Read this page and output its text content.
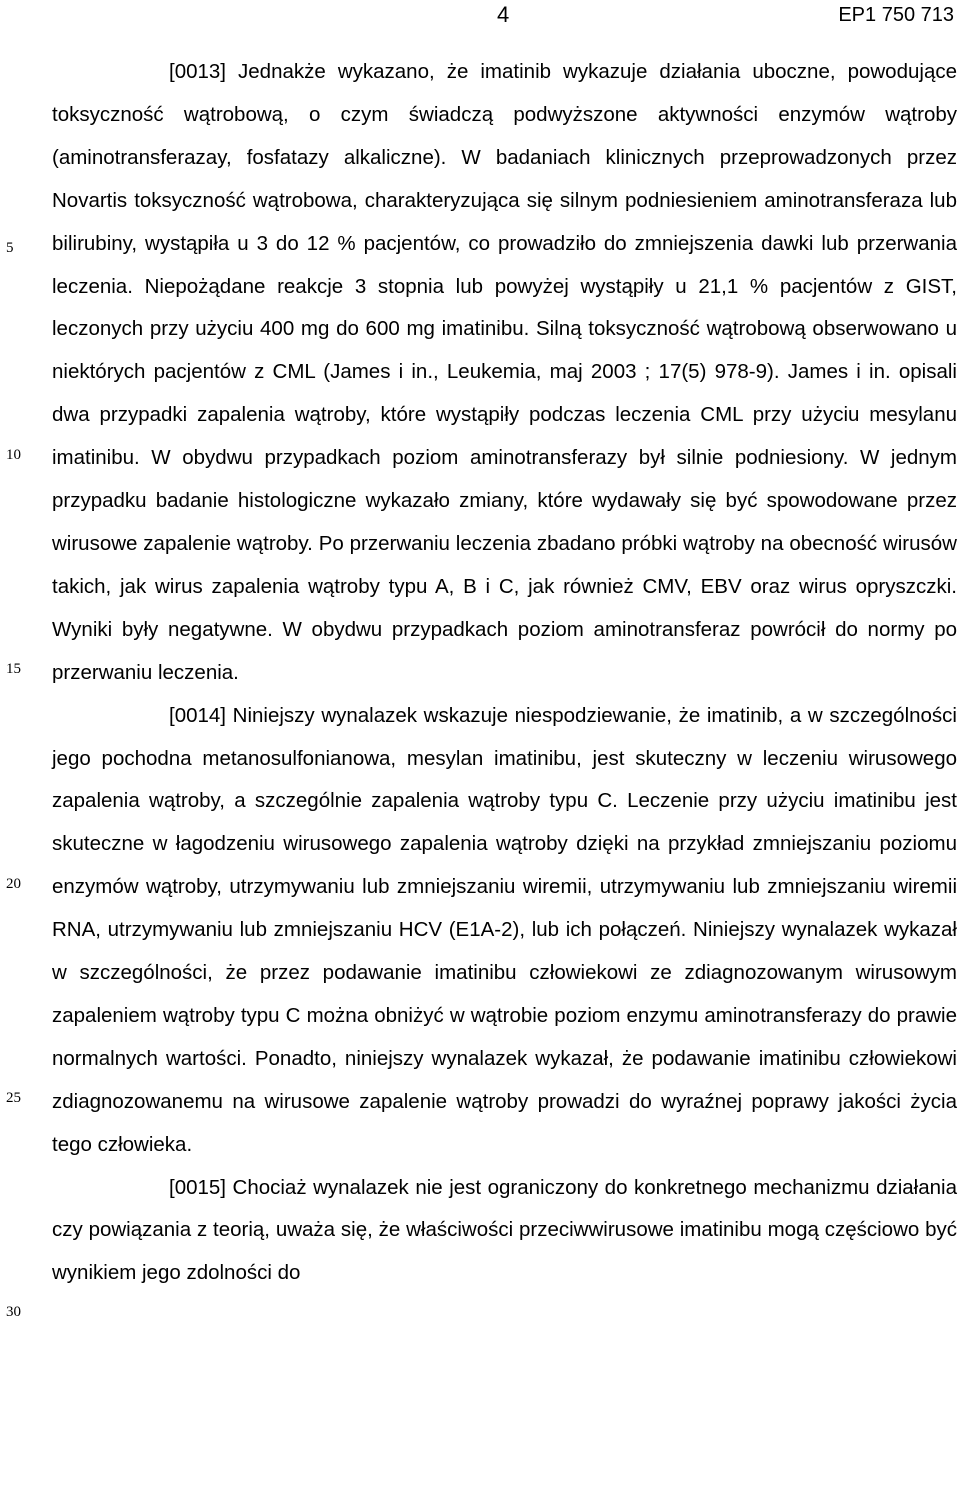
4	EP1 750 713
5
10
15
20
25
30

[0013] Jednakże wykazano, że imatinib wykazuje działania uboczne, powodujące toksyczność wątrobową, o czym świadczą podwyższone aktywności enzymów wątroby (aminotransferazay, fosfatazy alkaliczne). W badaniach klinicznych przeprowadzonych przez Novartis toksyczność wątrobowa, charakteryzująca się silnym podniesieniem aminotransferaza lub bilirubiny, wystąpiła u 3 do 12 % pacjentów, co prowadziło do zmniejszenia dawki lub przerwania leczenia. Niepożądane reakcje 3 stopnia lub powyżej wystąpiły u 21,1 % pacjentów z GIST, leczonych przy użyciu 400 mg do 600 mg imatinibu. Silną toksyczność wątrobową obserwowano u niektórych pacjentów z CML (James i in., Leukemia, maj 2003 ; 17(5) 978-9). James i in. opisali dwa przypadki zapalenia wątroby, które wystąpiły podczas leczenia CML przy użyciu mesylanu imatinibu. W obydwu przypadkach poziom aminotransferazy był silnie podniesiony. W jednym przypadku badanie histologiczne wykazało zmiany, które wydawały się być spowodowane przez wirusowe zapalenie wątroby. Po przerwaniu leczenia zbadano próbki wątroby na obecność wirusów takich, jak wirus zapalenia wątroby typu A, B i C, jak również CMV, EBV oraz wirus opryszczki. Wyniki były negatywne. W obydwu przypadkach poziom aminotransferaz powrócił do normy po przerwaniu leczenia.

[0014] Niniejszy wynalazek wskazuje niespodziewanie, że imatinib, a w szczególności jego pochodna metanosulfonianowa, mesylan imatinibu, jest skuteczny w leczeniu wirusowego zapalenia wątroby, a szczególnie zapalenia wątroby typu C. Leczenie przy użyciu imatinibu jest skuteczne w łagodzeniu wirusowego zapalenia wątroby dzięki na przykład zmniejszaniu poziomu enzymów wątroby, utrzymywaniu lub zmniejszaniu wiremii, utrzymywaniu lub zmniejszaniu wiremii RNA, utrzymywaniu lub zmniejszaniu HCV (E1A-2), lub ich połączeń. Niniejszy wynalazek wykazał w szczególności, że przez podawanie imatinibu człowiekowi ze zdiagnozowanym wirusowym zapaleniem wątroby typu C można obniżyć w wątrobie poziom enzymu aminotransferazy do prawie normalnych wartości. Ponadto, niniejszy wynalazek wykazał, że podawanie imatinibu człowiekowi zdiagnozowanemu na wirusowe zapalenie wątroby prowadzi do wyraźnej poprawy jakości życia tego człowieka.

[0015] Chociaż wynalazek nie jest ograniczony do konkretnego mechanizmu działania czy powiązania z teorią, uważa się, że właściwości przeciwwirusowe imatinibu mogą częściowo być wynikiem jego zdolności do
